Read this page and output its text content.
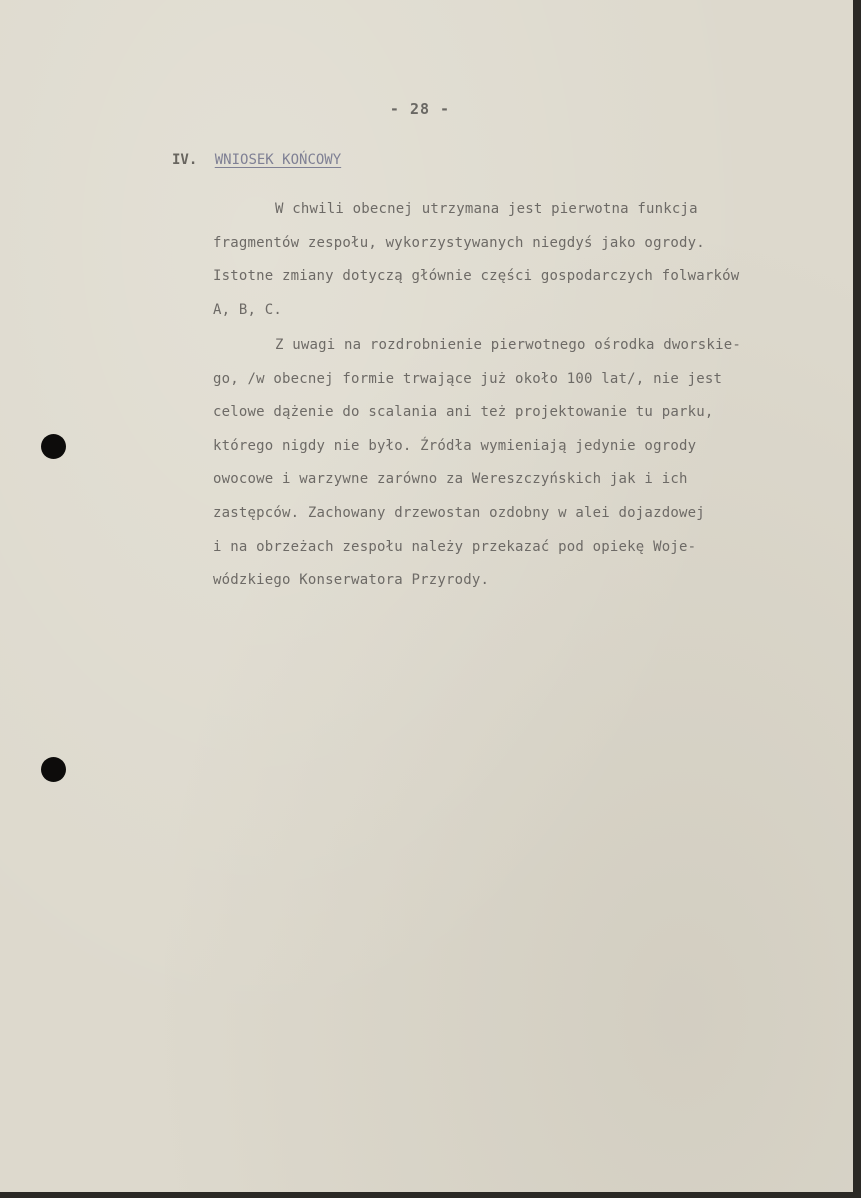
- 28 -
IV. WNIOSEK KOŃCOWY
W chwili obecnej utrzymana jest pierwotna funkcja
fragmentów zespołu, wykorzystywanych niegdyś jako ogrody.
Istotne zmiany dotyczą głównie części gospodarczych folwarków
A, B, C.
Z uwagi na rozdrobnienie pierwotnego ośrodka dworskie-
go, /w obecnej formie trwające już około 100 lat/, nie jest
celowe dążenie do scalania ani też projektowanie tu parku,
którego nigdy nie było. Źródła wymieniają jedynie ogrody
owocowe i warzywne zarówno za Wereszczyńskich jak i ich
zastępców. Zachowany drzewostan ozdobny w alei dojazdowej
i na obrzeżach zespołu należy przekazać pod opiekę Woje-
wódzkiego Konserwatora Przyrody.
